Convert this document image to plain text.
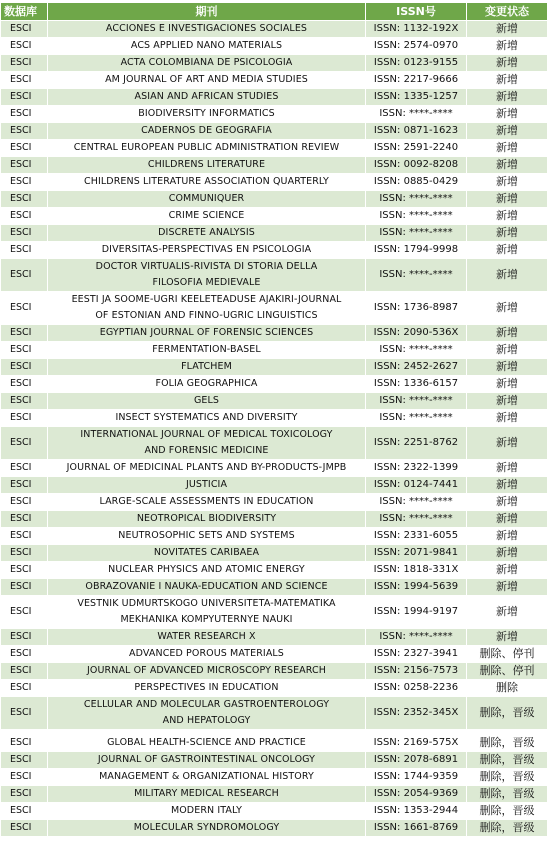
数据库	期刊	ISSN号	变更状态
ESCI	ACCIONES E INVESTIGACIONES SOCIALES	ISSN: 1132-192X	新增
ESCI	ACS APPLIED NANO MATERIALS	ISSN: 2574-0970	新增
ESCI	ACTA COLOMBIANA DE PSICOLOGIA	ISSN: 0123-9155	新增
ESCI	AM JOURNAL OF ART AND MEDIA STUDIES	ISSN: 2217-9666	新增
ESCI	ASIAN AND AFRICAN STUDIES	ISSN: 1335-1257	新增
ESCI	BIODIVERSITY INFORMATICS	ISSN: ****-****	新增
ESCI	CADERNOS DE GEOGRAFIA	ISSN: 0871-1623	新增
ESCI	CENTRAL EUROPEAN PUBLIC ADMINISTRATION REVIEW	ISSN: 2591-2240	新增
ESCI	CHILDRENS LITERATURE	ISSN: 0092-8208	新增
ESCI	CHILDRENS LITERATURE ASSOCIATION QUARTERLY	ISSN: 0885-0429	新增
ESCI	COMMUNIQUER	ISSN: ****-****	新增
ESCI	CRIME SCIENCE	ISSN: ****-****	新增
ESCI	DISCRETE ANALYSIS	ISSN: ****-****	新增
ESCI	DIVERSITAS-PERSPECTIVAS EN PSICOLOGIA	ISSN: 1794-9998	新增
ESCI	DOCTOR VIRTUALIS-RIVISTA DI STORIA DELLA
FILOSOFIA MEDIEVALE	ISSN: ****-****	新增
ESCI	EESTI JA SOOME-UGRI KEELETEADUSE AJAKIRI-JOURNAL
OF ESTONIAN AND FINNO-UGRIC LINGUISTICS	ISSN: 1736-8987	新增
ESCI	EGYPTIAN JOURNAL OF FORENSIC SCIENCES	ISSN: 2090-536X	新增
ESCI	FERMENTATION-BASEL	ISSN: ****-****	新增
ESCI	FLATCHEM	ISSN: 2452-2627	新增
ESCI	FOLIA GEOGRAPHICA	ISSN: 1336-6157	新增
ESCI	GELS	ISSN: ****-****	新增
ESCI	INSECT SYSTEMATICS AND DIVERSITY	ISSN: ****-****	新增
ESCI	INTERNATIONAL JOURNAL OF MEDICAL TOXICOLOGY
AND FORENSIC MEDICINE	ISSN: 2251-8762	新增
ESCI	JOURNAL OF MEDICINAL PLANTS AND BY-PRODUCTS-JMPB	ISSN: 2322-1399	新增
ESCI	JUSTICIA	ISSN: 0124-7441	新增
ESCI	LARGE-SCALE ASSESSMENTS IN EDUCATION	ISSN: ****-****	新增
ESCI	NEOTROPICAL BIODIVERSITY	ISSN: ****-****	新增
ESCI	NEUTROSOPHIC SETS AND SYSTEMS	ISSN: 2331-6055	新增
ESCI	NOVITATES CARIBAEA	ISSN: 2071-9841	新增
ESCI	NUCLEAR PHYSICS AND ATOMIC ENERGY	ISSN: 1818-331X	新增
ESCI	OBRAZOVANIE I NAUKA-EDUCATION AND SCIENCE	ISSN: 1994-5639	新增
ESCI	VESTNIK UDMURTSKOGO UNIVERSITETA-MATEMATIKA
MEKHANIKA KOMPYUTERNYE NAUKI	ISSN: 1994-9197	新增
ESCI	WATER RESEARCH X	ISSN: ****-****	新增
ESCI	ADVANCED POROUS MATERIALS	ISSN: 2327-3941	删除、停刊
ESCI	JOURNAL OF ADVANCED MICROSCOPY RESEARCH	ISSN: 2156-7573	删除、停刊
ESCI	PERSPECTIVES IN EDUCATION	ISSN: 0258-2236	删除
ESCI	CELLULAR AND MOLECULAR GASTROENTEROLOGY
AND HEPATOLOGY	ISSN: 2352-345X	删除，晋级

ESCI	GLOBAL HEALTH-SCIENCE AND PRACTICE	ISSN: 2169-575X	删除，晋级
ESCI	JOURNAL OF GASTROINTESTINAL ONCOLOGY	ISSN: 2078-6891	删除，晋级
ESCI	MANAGEMENT & ORGANIZATIONAL HISTORY	ISSN: 1744-9359	删除，晋级
ESCI	MILITARY MEDICAL RESEARCH	ISSN: 2054-9369	删除，晋级
ESCI	MODERN ITALY	ISSN: 1353-2944	删除，晋级
ESCI	MOLECULAR SYNDROMOLOGY	ISSN: 1661-8769	删除，晋级
